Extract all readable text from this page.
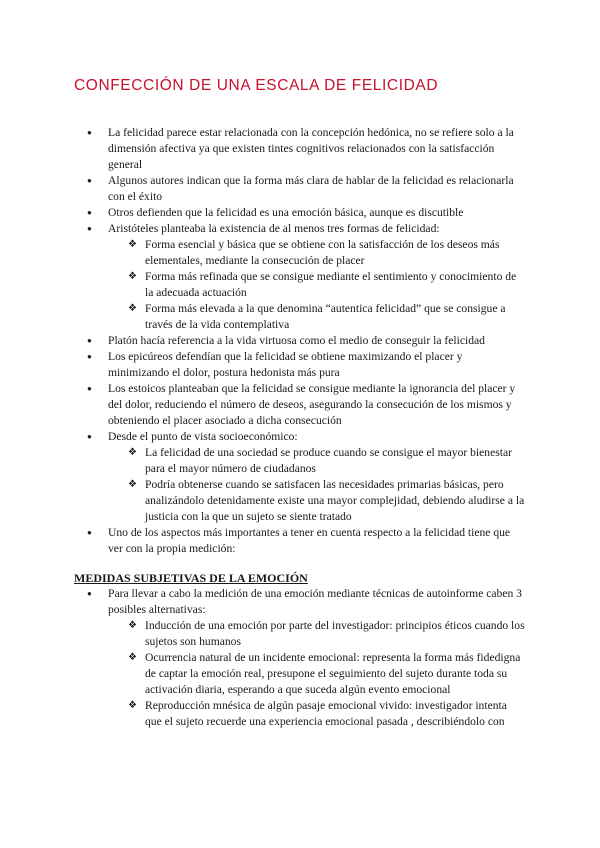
CONFECCIÓN DE UNA ESCALA DE FELICIDAD
● La felicidad parece estar relacionada con la concepción hedónica, no se refiere solo a la dimensión afectiva ya que existen tintes cognitivos relacionados con la satisfacción general
● Algunos autores indican que la forma más clara de hablar de la felicidad es relacionarla con el éxito
● Otros defienden que la felicidad es una emoción básica, aunque es discutible
● Aristóteles planteaba la existencia de al menos tres formas de felicidad:
❖ Forma esencial y básica que se obtiene con la satisfacción de los deseos más elementales, mediante la consecución de placer
❖ Forma más refinada que se consigue mediante el sentimiento y conocimiento de la adecuada actuación
❖ Forma más elevada a la que denomina “autentica felicidad” que se consigue a través de la vida contemplativa
● Platón hacía referencia a la vida virtuosa como el medio de conseguir la felicidad
● Los epicúreos defendían que la felicidad se obtiene maximizando el placer y minimizando el dolor, postura hedonista más pura
● Los estoicos planteaban que la felicidad se consigue mediante la ignorancia del placer y del dolor, reduciendo el número de deseos, asegurando la consecución de los mismos y obteniendo el placer asociado a dicha consecución
● Desde el punto de vista socioeconómico:
❖ La felicidad de una sociedad se produce cuando se consigue el mayor bienestar para el mayor número de ciudadanos
❖ Podría obtenerse cuando se satisfacen las necesidades primarias básicas, pero analizándolo detenidamente existe una mayor complejidad, debiendo aludirse a la justicia con la que un sujeto se siente tratado
● Uno de los aspectos más importantes a tener en cuenta respecto a la felicidad tiene que ver con la propia medición:
MEDIDAS SUBJETIVAS DE LA EMOCIÓN
● Para llevar a cabo la medición de una emoción mediante técnicas de autoinforme caben 3 posibles alternativas:
❖ Inducción de una emoción por parte del investigador: principios éticos cuando los sujetos son humanos
❖ Ocurrencia natural de un incidente emocional: representa la forma más fidedigna de captar la emoción real, presupone el seguimiento del sujeto durante toda su activación diaria, esperando a que suceda algún evento emocional
❖ Reproducción mnésica de algún pasaje emocional vivido: investigador intenta que el sujeto recuerde una experiencia emocional pasada , describiéndolo con
